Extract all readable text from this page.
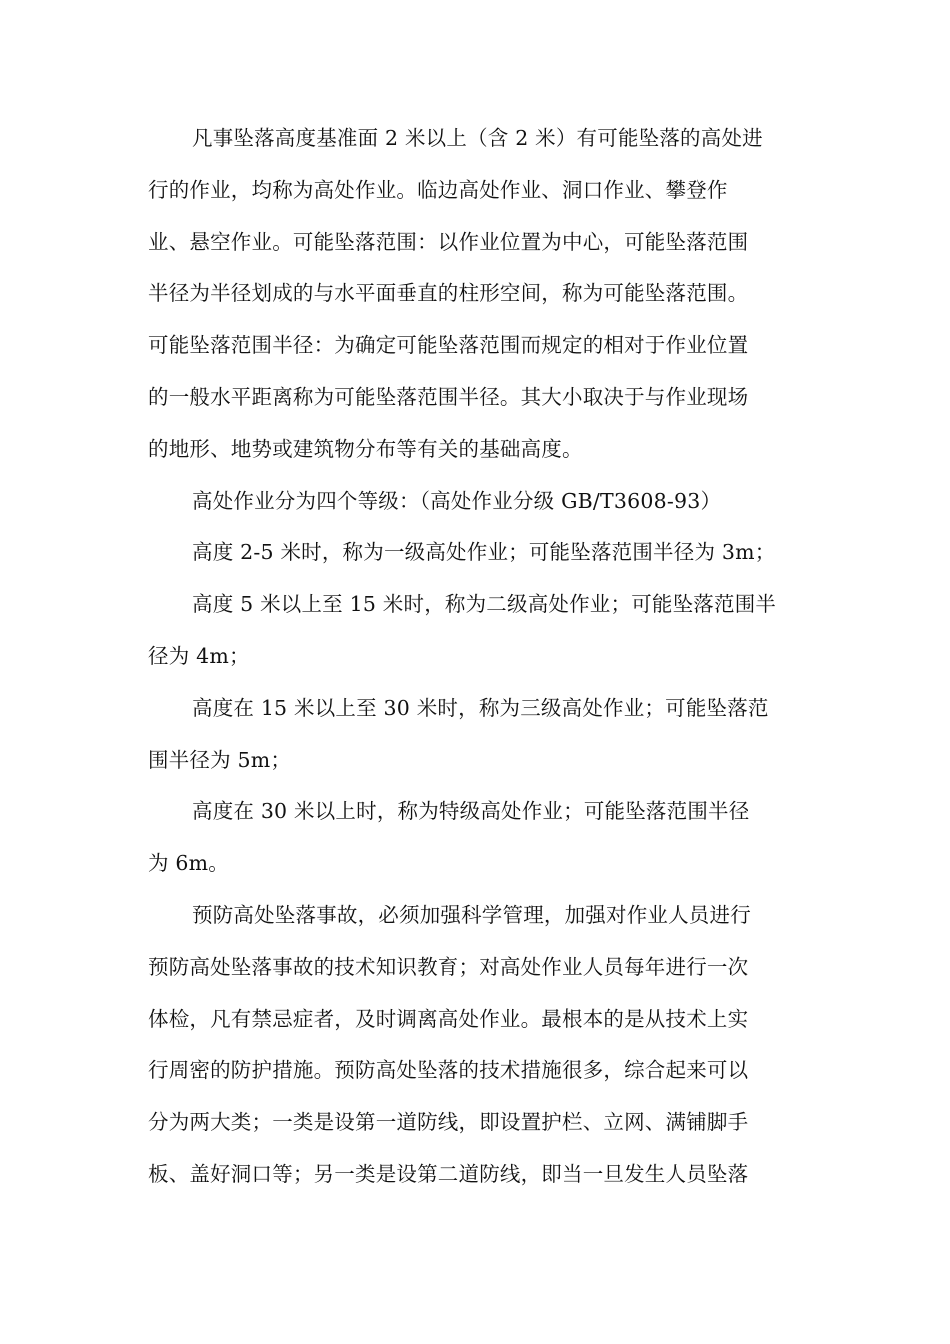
凡事坠落高度基准面 2 米以上（含 2 米）有可能坠落的高处进
行的作业，均称为高处作业。临边高处作业、洞口作业、攀登作
业、悬空作业。可能坠落范围：以作业位置为中心，可能坠落范围
半径为半径划成的与水平面垂直的柱形空间，称为可能坠落范围。
可能坠落范围半径：为确定可能坠落范围而规定的相对于作业位置
的一般水平距离称为可能坠落范围半径。其大小取决于与作业现场
的地形、地势或建筑物分布等有关的基础高度。
高处作业分为四个等级：（高处作业分级 GB/T3608-93）
高度 2-5 米时，称为一级高处作业；可能坠落范围半径为 3m；
高度 5 米以上至 15 米时，称为二级高处作业；可能坠落范围半
径为 4m；
高度在 15 米以上至 30 米时，称为三级高处作业；可能坠落范
围半径为 5m；
高度在 30 米以上时，称为特级高处作业；可能坠落范围半径
为 6m。
预防高处坠落事故，必须加强科学管理，加强对作业人员进行
预防高处坠落事故的技术知识教育；对高处作业人员每年进行一次
体检，凡有禁忌症者，及时调离高处作业。最根本的是从技术上实
行周密的防护措施。预防高处坠落的技术措施很多，综合起来可以
分为两大类；一类是设第一道防线，即设置护栏、立网、满铺脚手
板、盖好洞口等；另一类是设第二道防线，即当一旦发生人员坠落
